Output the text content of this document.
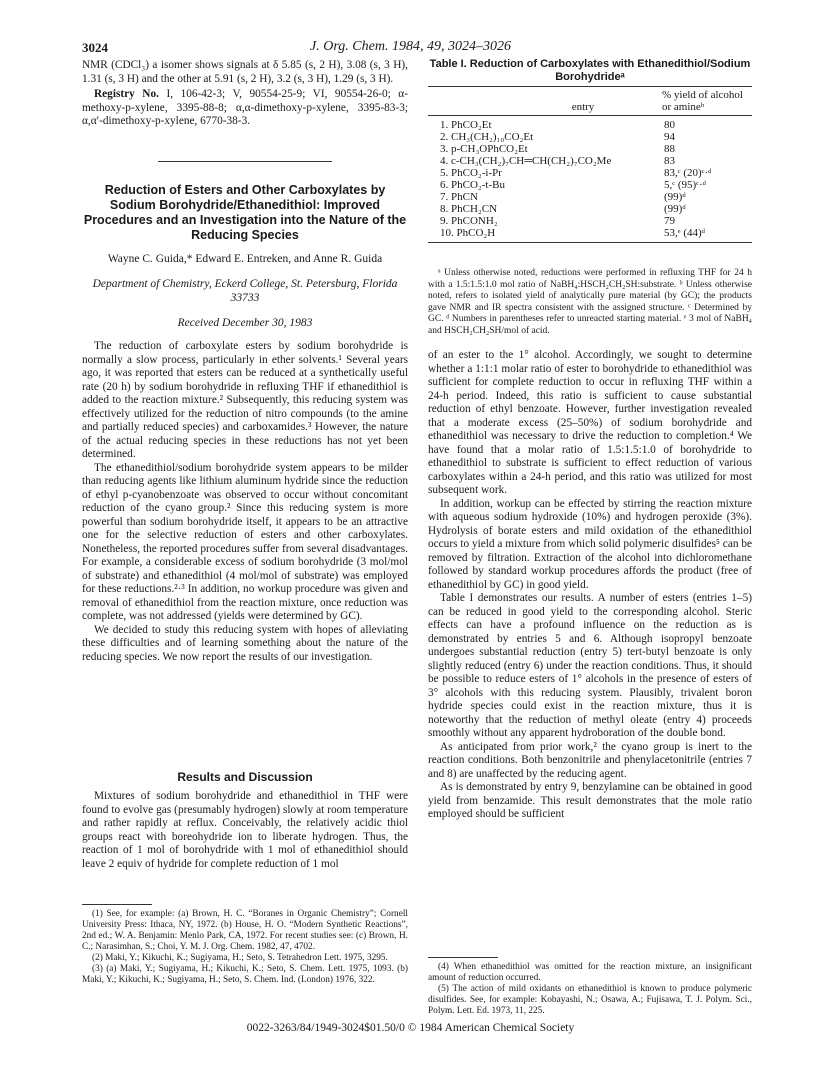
3024	J. Org. Chem. 1984, 49, 3024–3026

NMR (CDCl₃) a isomer shows signals at δ 5.85 (s, 2 H), 3.08 (s, 3 H), 1.31 (s, 3 H) and the other at 5.91 (s, 2 H), 3.2 (s, 3 H), 1.29 (s, 3 H).

Registry No. I, 106-42-3; V, 90554-25-9; VI, 90554-26-0; α-methoxy-p-xylene, 3395-88-8; α,α-dimethoxy-p-xylene, 3395-83-3; α,α′-dimethoxy-p-xylene, 6770-38-3.

Reduction of Esters and Other Carboxylates by Sodium Borohydride/Ethanedithiol: Improved Procedures and an Investigation into the Nature of the Reducing Species
Wayne C. Guida,* Edward E. Entreken, and Anne R. Guida
Department of Chemistry, Eckerd College, St. Petersburg, Florida 33733
Received December 30, 1983

The reduction of carboxylate esters by sodium borohydride is normally a slow process, particularly in ether solvents.¹ Several years ago, it was reported that esters can be reduced at a synthetically useful rate (20 h) by sodium borohydride in refluxing THF if ethanedithiol is added to the reaction mixture.² Subsequently, this reducing system was effectively utilized for the reduction of nitro compounds (to the amine and partially reduced species) and carboxamides.³ However, the nature of the actual reducing species in these reductions has not yet been determined.

The ethanedithiol/sodium borohydride system appears to be milder than reducing agents like lithium aluminum hydride since the reduction of ethyl p-cyanobenzoate was observed to occur without concomitant reduction of the cyano group.² Since this reducing system is more powerful than sodium borohydride itself, it appears to be an attractive one for the selective reduction of esters and other carboxylates. Nonetheless, the reported procedures suffer from several disadvantages. For example, a considerable excess of sodium borohydride (3 mol/mol of substrate) and ethanedithiol (4 mol/mol of substrate) was employed for these reductions.²·³ In addition, no workup procedure was given and removal of ethanedithiol from the reaction mixture, once reduction was complete, was not addressed (yields were determined by GC).

We decided to study this reducing system with hopes of alleviating these difficulties and of learning something about the nature of the reducing species. We now report the results of our investigation.

Results and Discussion

Mixtures of sodium borohydride and ethanedithiol in THF were found to evolve gas (presumably hydrogen) slowly at room temperature and rather rapidly at reflux. Conceivably, the relatively acidic thiol groups react with boreohydride ion to liberate hydrogen. Thus, the reaction of 1 mol of borohydride with 1 mol of ethanedithiol should leave 2 equiv of hydride for complete reduction of 1 mol

(1) See, for example: (a) Brown, H. C. “Boranes in Organic Chemistry”; Cornell University Press: Ithaca, NY, 1972. (b) House, H. O. “Modern Synthetic Reactions”, 2nd ed.; W. A. Benjamin: Menlo Park, CA, 1972. For recent studies see: (c) Brown, H. C.; Narasimhan, S.; Choi, Y. M. J. Org. Chem. 1982, 47, 4702.

(2) Maki, Y.; Kikuchi, K.; Sugiyama, H.; Seto, S. Tetrahedron Lett. 1975, 3295.

(3) (a) Maki, Y.; Sugiyama, H.; Kikuchi, K.; Seto, S. Chem. Lett. 1975, 1093. (b) Maki, Y.; Kikuchi, K.; Sugiyama, H.; Seto, S. Chem. Ind. (London) 1976, 322.

Table I. Reduction of Carboxylates with Ethanedithiol/Sodium Borohydrideᵃ
entry
% yield of alcohol or amineᵇ
1. PhCO₂Et	80
2. CH₃(CH₂)₁₀CO₂Et	94
3. p-CH₃OPhCO₂Et	88
4. c-CH₃(CH₂)₇CH═CH(CH₂)₇CO₂Me	83
5. PhCO₂-i-Pr	83,ᶜ (20)ᶜ·ᵈ
6. PhCO₂-t-Bu	5,ᶜ (95)ᶜ·ᵈ
7. PhCN	(99)ᵈ
8. PhCH₂CN	(99)ᵈ
9. PhCONH₂	79
10. PhCO₂H	53,ᵉ (44)ᵈ

ᵃ Unless otherwise noted, reductions were performed in refluxing THF for 24 h with a 1.5:1.5:1.0 mol ratio of NaBH₄:HSCH₂CH₂SH:substrate. ᵇ Unless otherwise noted, refers to isolated yield of analytically pure material (by GC); the products gave NMR and IR spectra consistent with the assigned structure. ᶜ Determined by GC. ᵈ Numbers in parentheses refer to unreacted starting material. ᵉ 3 mol of NaBH₄ and HSCH₂CH₂SH/mol of acid.

of an ester to the 1° alcohol. Accordingly, we sought to determine whether a 1:1:1 molar ratio of ester to borohydride to ethanedithiol was sufficient for complete reduction to occur in refluxing THF within a 24-h period. Indeed, this ratio is sufficient to cause substantial reduction of ethyl benzoate. However, further investigation revealed that a moderate excess (25–50%) of sodium borohydride and ethanedithiol was necessary to drive the reduction to completion.⁴ We have found that a molar ratio of 1.5:1.5:1.0 of borohydride to ethanedithiol to substrate is sufficient to effect reduction of various carboxylates within a 24-h period, and this ratio was utilized for most subsequent work.

In addition, workup can be effected by stirring the reaction mixture with aqueous sodium hydroxide (10%) and hydrogen peroxide (3%). Hydrolysis of borate esters and mild oxidation of the ethanedithiol occurs to yield a mixture from which solid polymeric disulfides⁵ can be removed by filtration. Extraction of the alcohol into dichloromethane followed by standard workup procedures affords the product (free of ethanedithiol by GC) in good yield.

Table I demonstrates our results. A number of esters (entries 1–5) can be reduced in good yield to the corresponding alcohol. Steric effects can have a profound influence on the reduction as is demonstrated by entries 5 and 6. Although isopropyl benzoate undergoes substantial reduction (entry 5) tert-butyl benzoate is only slightly reduced (entry 6) under the reaction conditions. Thus, it should be possible to reduce esters of 1° alcohols in the presence of esters of 3° alcohols with this reducing system. Plausibly, trivalent boron hydride species could exist in the reaction mixture, thus it is noteworthy that the reduction of methyl oleate (entry 4) proceeds smoothly without any apparent hydroboration of the double bond.

As anticipated from prior work,² the cyano group is inert to the reaction conditions. Both benzonitrile and phenylacetonitrile (entries 7 and 8) are unaffected by the reducing agent.

As is demonstrated by entry 9, benzylamine can be obtained in good yield from benzamide. This result demonstrates that the mole ratio employed should be sufficient

(4) When ethanedithiol was omitted for the reaction mixture, an insignificant amount of reduction occurred.

(5) The action of mild oxidants on ethanedithiol is known to produce polymeric disulfides. See, for example: Kobayashi, N.; Osawa, A.; Fujisawa, T. J. Polym. Sci., Polym. Lett. Ed. 1973, 11, 225.

0022-3263/84/1949-3024$01.50/0 © 1984 American Chemical Society
